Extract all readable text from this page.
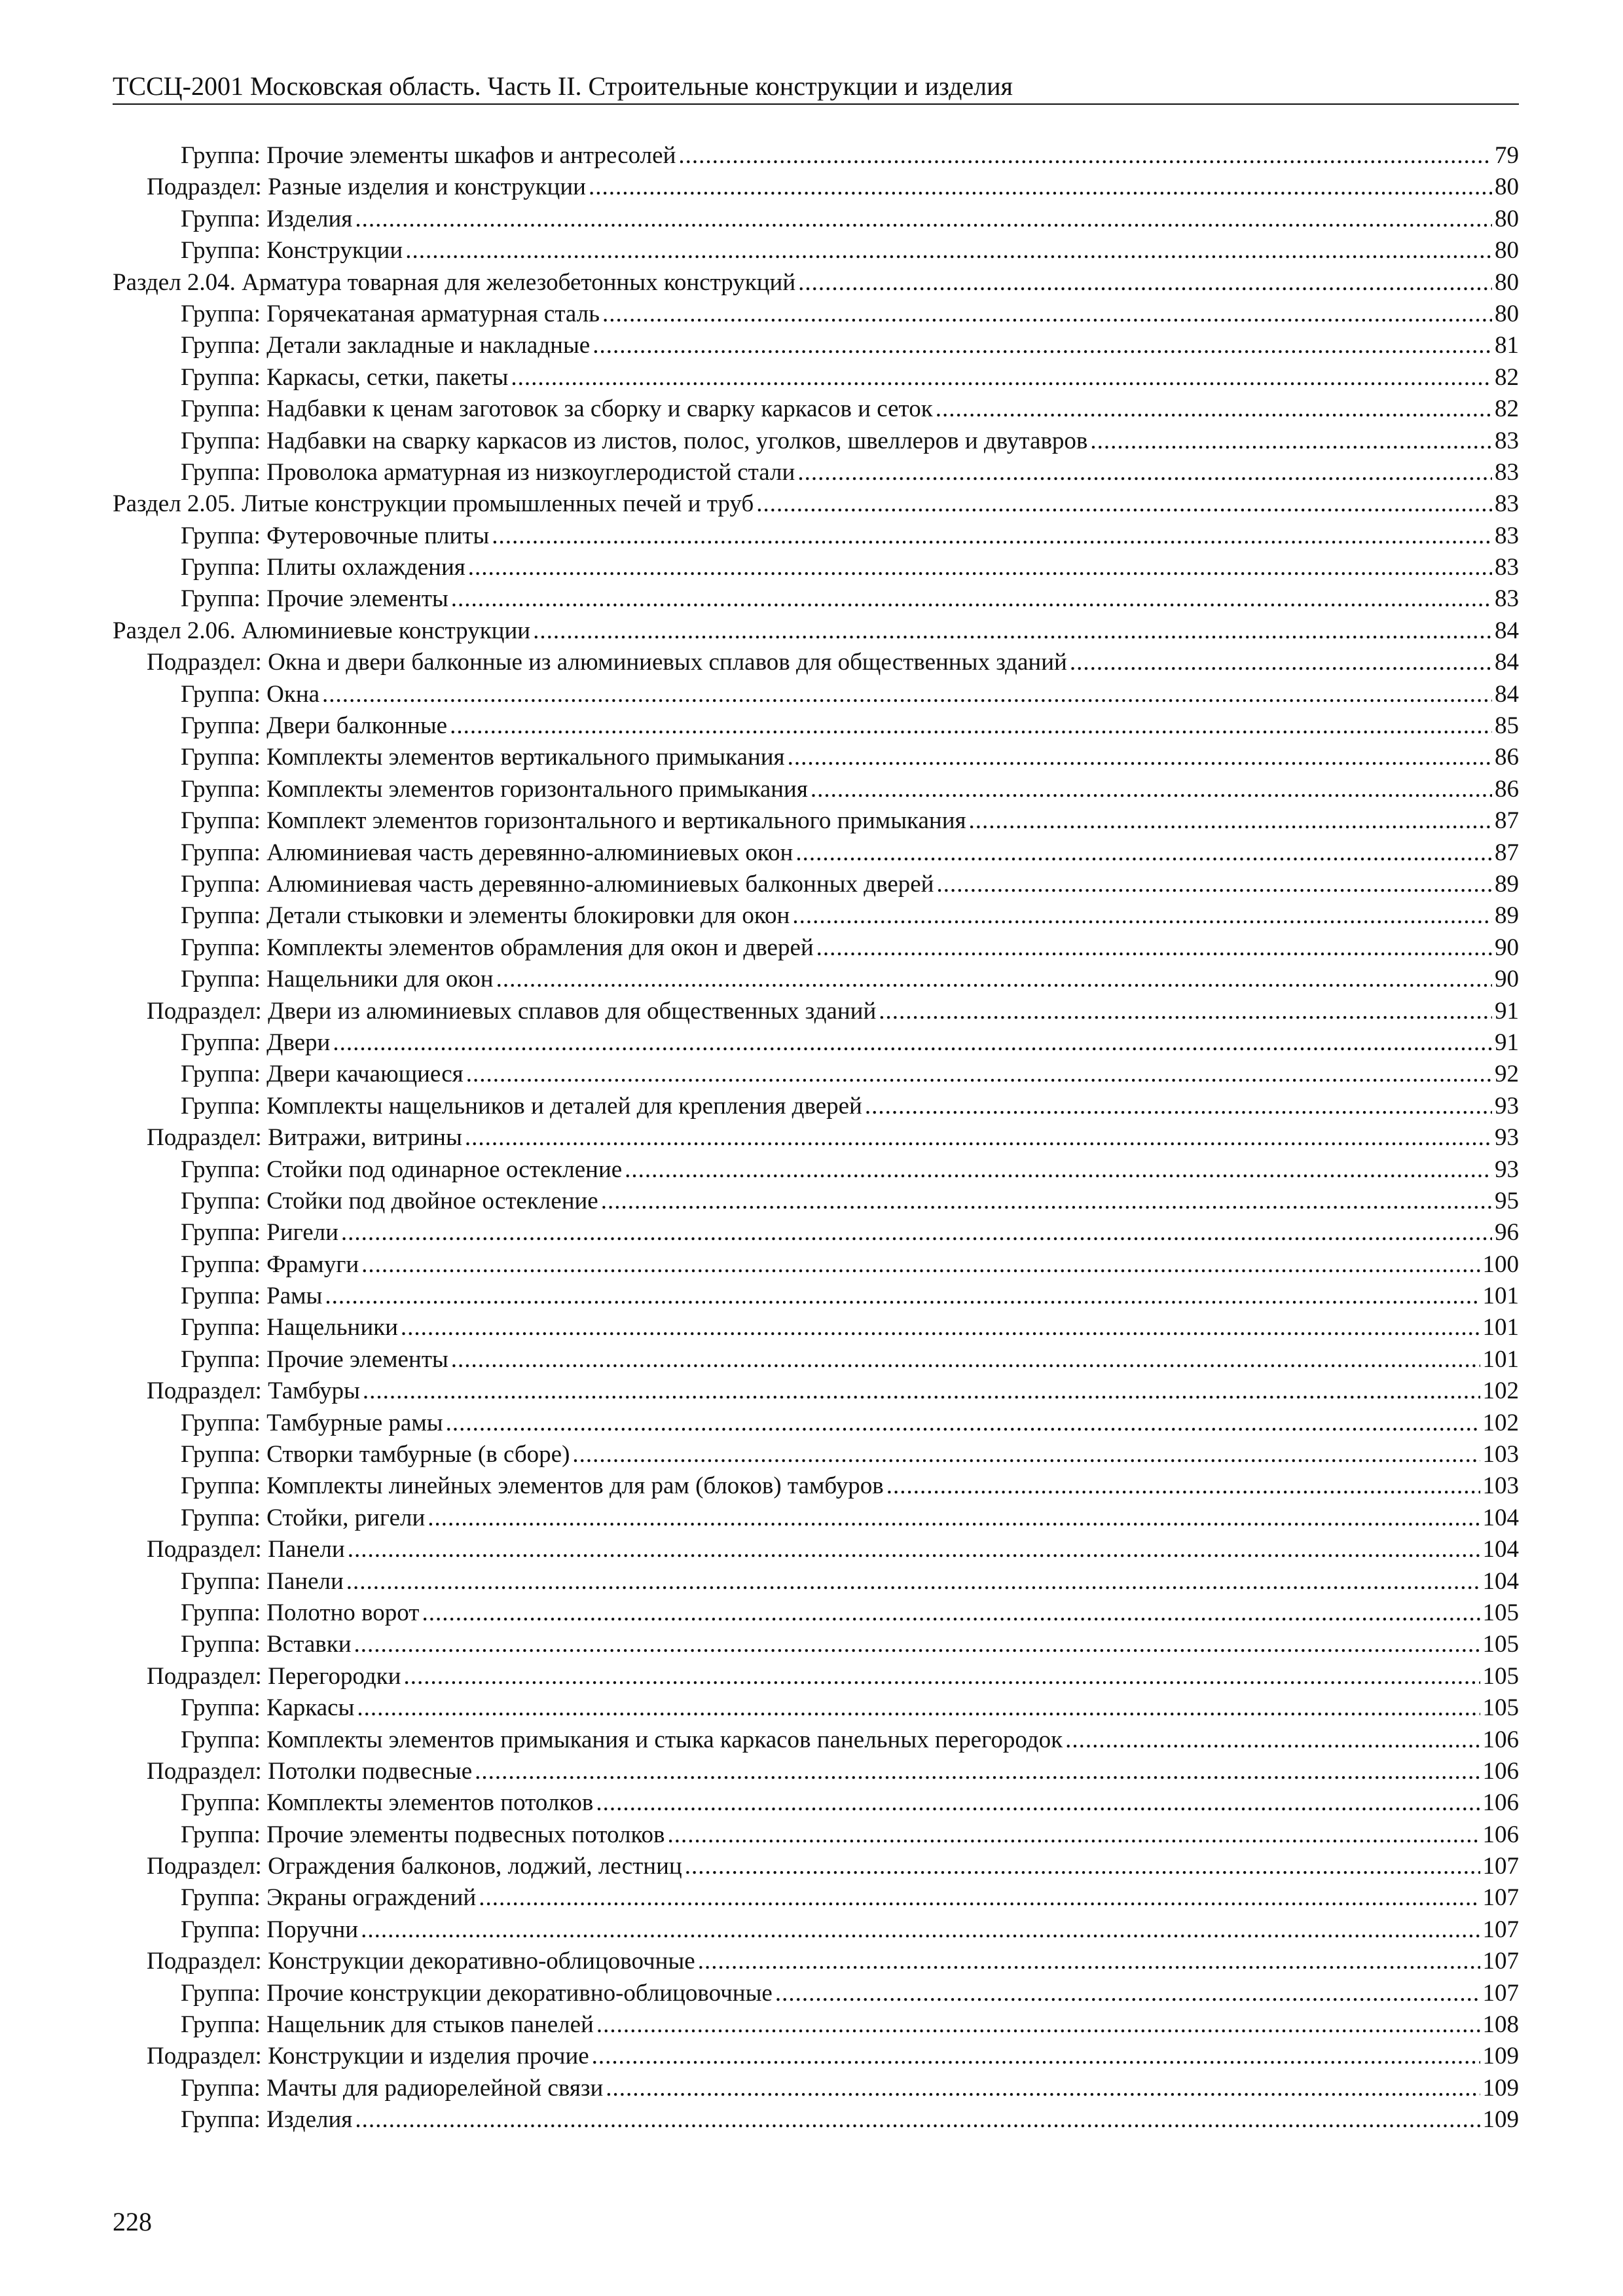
ТССЦ-2001 Московская область. Часть II. Строительные конструкции и изделия
Группа: Прочие элементы шкафов и антресолей .....	79
Подраздел: Разные изделия и конструкции .....	80
Группа: Изделия .....	80
Группа: Конструкции .....	80
Раздел 2.04. Арматура товарная для железобетонных конструкций .....	80
Группа: Горячекатаная арматурная сталь .....	80
Группа: Детали закладные и накладные .....	81
Группа: Каркасы, сетки, пакеты .....	82
Группа: Надбавки к ценам заготовок за сборку и сварку каркасов и сеток .....	82
Группа: Надбавки на сварку каркасов из листов, полос, уголков, швеллеров и двутавров .....	83
Группа: Проволока арматурная из низкоуглеродистой стали .....	83
Раздел 2.05. Литые конструкции промышленных печей и труб .....	83
Группа: Футеровочные плиты .....	83
Группа: Плиты охлаждения .....	83
Группа: Прочие элементы .....	83
Раздел 2.06. Алюминиевые конструкции .....	84
Подраздел: Окна и двери балконные из алюминиевых сплавов для общественных зданий .....	84
Группа: Окна .....	84
Группа: Двери балконные .....	85
Группа: Комплекты элементов вертикального примыкания .....	86
Группа: Комплекты элементов горизонтального примыкания .....	86
Группа: Комплект элементов горизонтального и вертикального примыкания .....	87
Группа: Алюминиевая часть деревянно-алюминиевых окон .....	87
Группа: Алюминиевая часть деревянно-алюминиевых балконных дверей .....	89
Группа: Детали стыковки и элементы блокировки для окон .....	89
Группа: Комплекты элементов обрамления для окон и дверей .....	90
Группа: Нащельники для окон .....	90
Подраздел: Двери из алюминиевых сплавов для общественных зданий .....	91
Группа: Двери .....	91
Группа: Двери качающиеся .....	92
Группа: Комплекты нащельников и деталей для крепления дверей .....	93
Подраздел: Витражи, витрины .....	93
Группа: Стойки под одинарное остекление .....	93
Группа: Стойки под двойное остекление .....	95
Группа: Ригели .....	96
Группа: Фрамуги .....	100
Группа: Рамы .....	101
Группа: Нащельники .....	101
Группа: Прочие элементы .....	101
Подраздел: Тамбуры .....	102
Группа: Тамбурные рамы .....	102
Группа: Створки тамбурные (в сборе) .....	103
Группа: Комплекты линейных элементов для рам (блоков) тамбуров .....	103
Группа: Стойки, ригели .....	104
Подраздел: Панели .....	104
Группа: Панели .....	104
Группа: Полотно ворот .....	105
Группа: Вставки .....	105
Подраздел: Перегородки .....	105
Группа: Каркасы .....	105
Группа: Комплекты элементов примыкания и стыка каркасов панельных перегородок .....	106
Подраздел: Потолки подвесные .....	106
Группа: Комплекты элементов потолков .....	106
Группа: Прочие элементы подвесных потолков .....	106
Подраздел: Ограждения балконов, лоджий, лестниц .....	107
Группа: Экраны ограждений .....	107
Группа: Поручни .....	107
Подраздел: Конструкции декоративно-облицовочные .....	107
Группа: Прочие конструкции декоративно-облицовочные .....	107
Группа: Нащельник для стыков панелей .....	108
Подраздел: Конструкции и изделия прочие .....	109
Группа: Мачты для радиорелейной связи .....	109
Группа: Изделия .....	109
228
